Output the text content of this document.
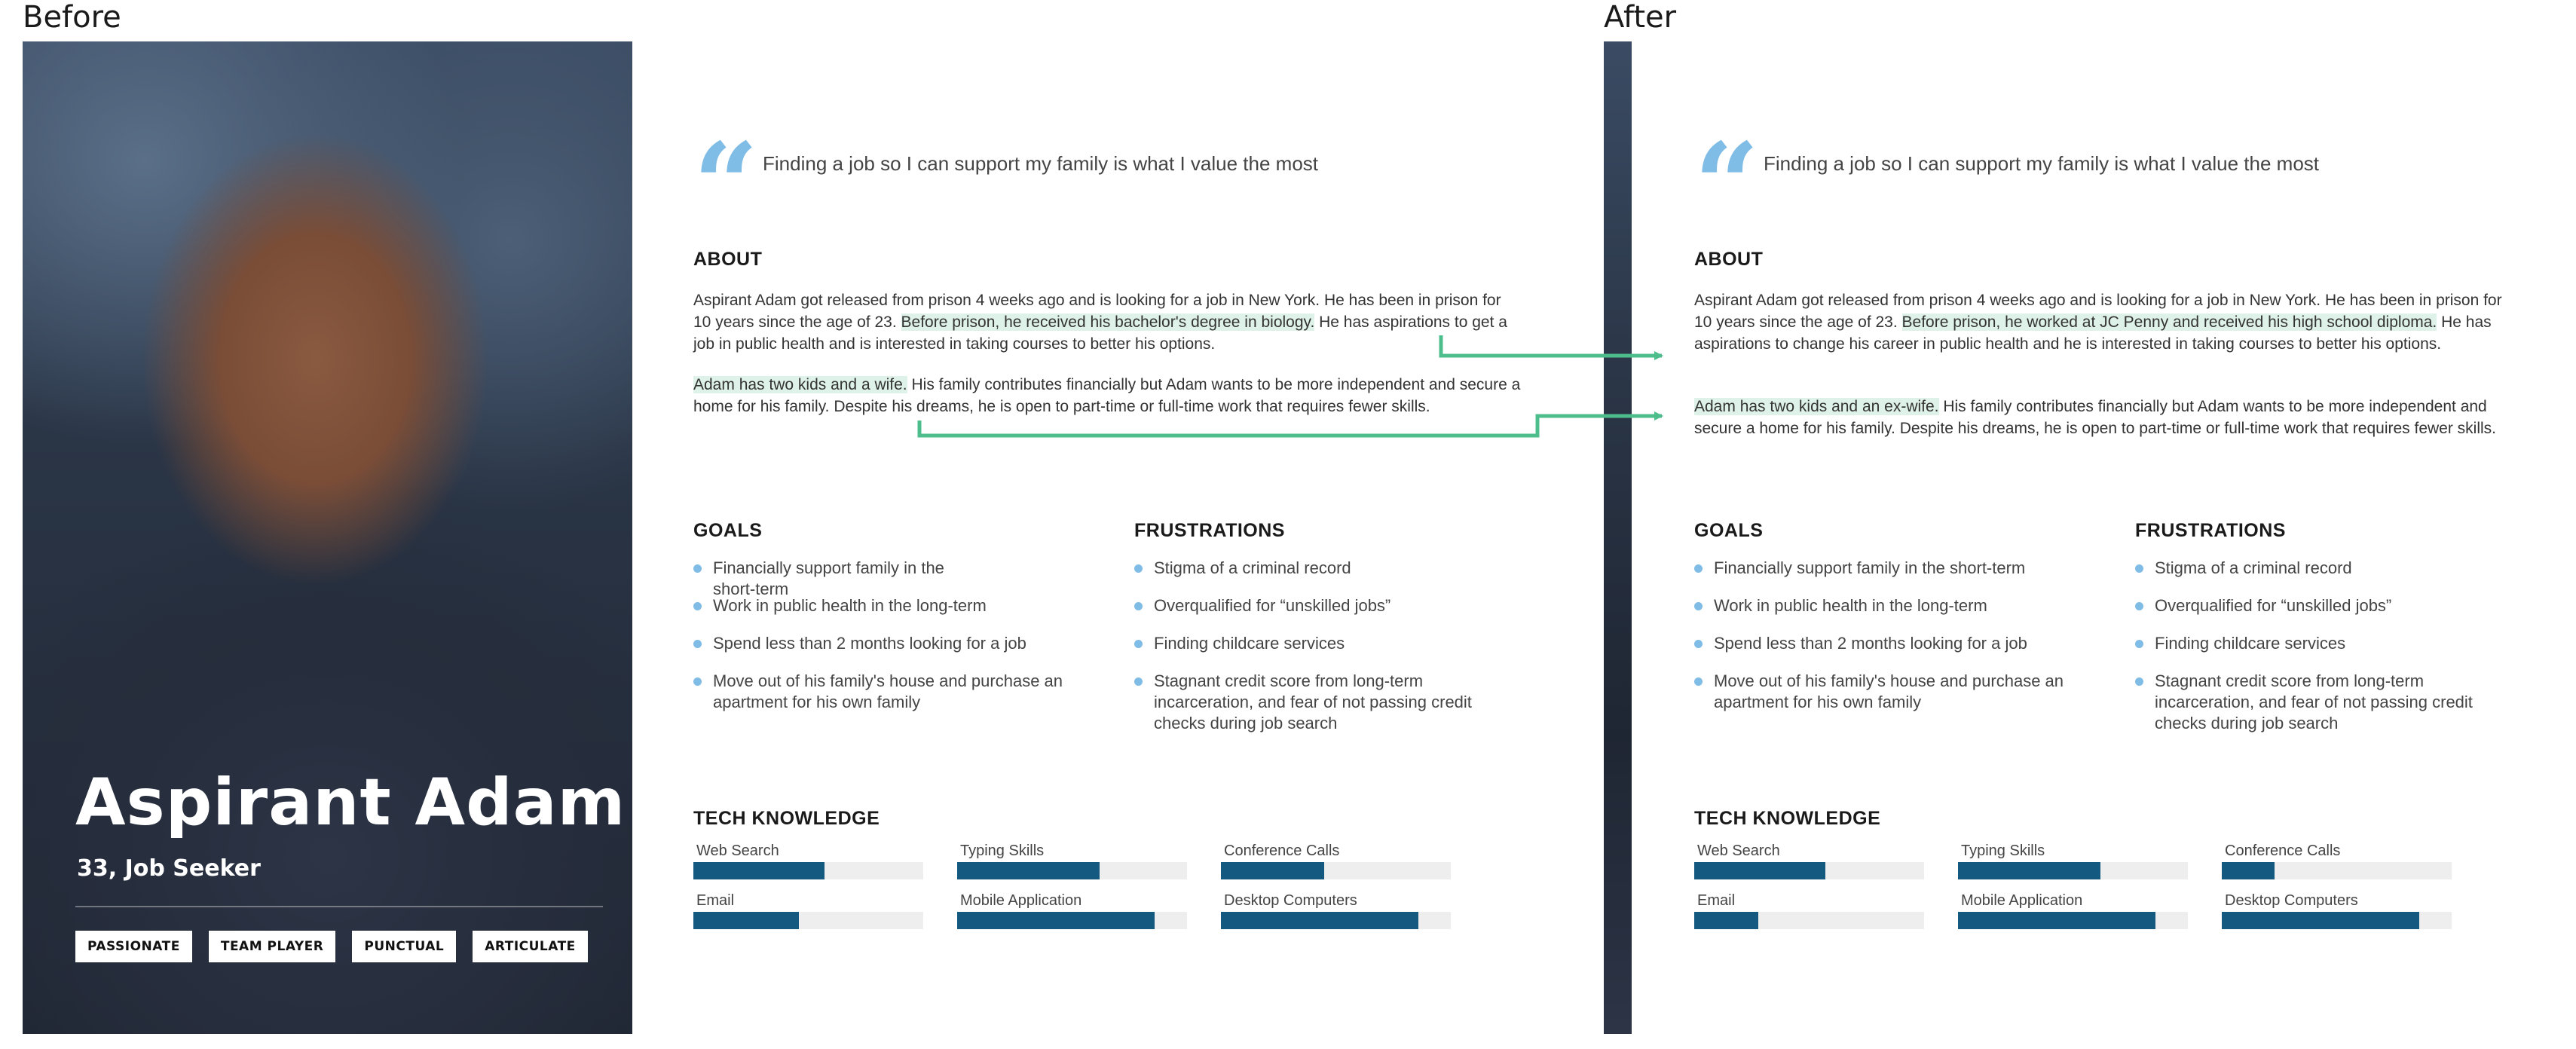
Before	After
Aspirant Adam
33, Job Seeker
PASSIONATE	TEAM PLAYER	PUNCTUAL	ARTICULATE
“ Finding a job so I can support my family is what I value the most
ABOUT

Aspirant Adam got released from prison 4 weeks ago and is looking for a job in New York. He has been in prison for 10 years since the age of 23. Before prison, he received his bachelor's degree in biology. He has aspirations to get a job in public health and is interested in taking courses to better his options.

Adam has two kids and a wife. His family contributes financially but Adam wants to be more independent and secure a home for his family. Despite his dreams, he is open to part-time or full-time work that requires fewer skills.

GOALS
Financially support family in the short-term
Work in public health in the long-term
Spend less than 2 months looking for a job
Move out of his family's house and purchase an apartment for his own family
FRUSTRATIONS
Stigma of a criminal record
Overqualified for “unskilled jobs”
Finding childcare services
Stagnant credit score from long-term incarceration, and fear of not passing credit checks during job search
TECH KNOWLEDGE
Web Search	Typing Skills	Conference Calls
Email	Mobile Application	Desktop Computers
“ Finding a job so I can support my family is what I value the most
ABOUT

Aspirant Adam got released from prison 4 weeks ago and is looking for a job in New York. He has been in prison for 10 years since the age of 23. Before prison, he worked at JC Penny and received his high school diploma. He has aspirations to change his career in public health and he is interested in taking courses to better his options.

Adam has two kids and an ex-wife. His family contributes financially but Adam wants to be more independent and secure a home for his family. Despite his dreams, he is open to part-time or full-time work that requires fewer skills.

GOALS
Financially support family in the short-term
Work in public health in the long-term
Spend less than 2 months looking for a job
Move out of his family's house and purchase an apartment for his own family
FRUSTRATIONS
Stigma of a criminal record
Overqualified for “unskilled jobs”
Finding childcare services
Stagnant credit score from long-term incarceration, and fear of not passing credit checks during job search
TECH KNOWLEDGE
Web Search	Typing Skills	Conference Calls
Email	Mobile Application	Desktop Computers
